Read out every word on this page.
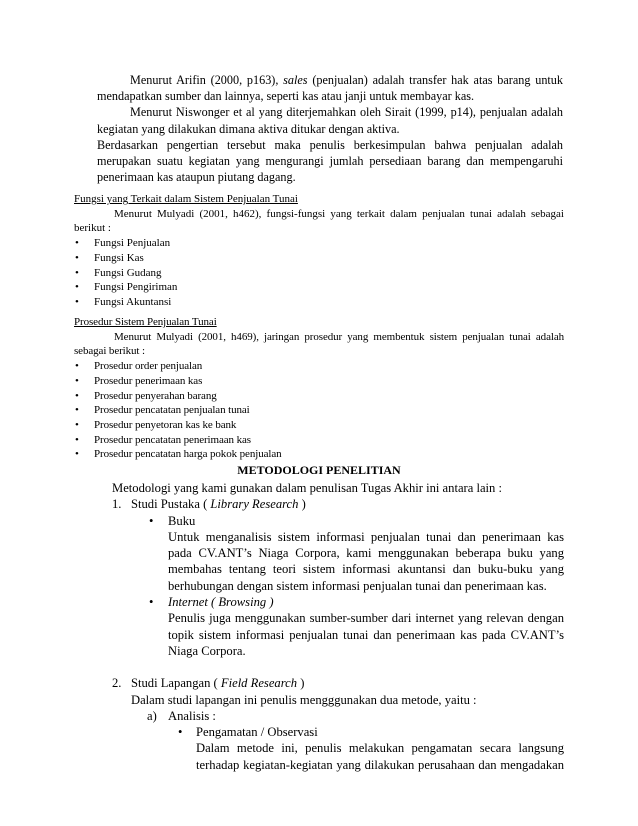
Menurut Arifin (2000, p163), sales (penjualan) adalah transfer hak atas barang untuk mendapatkan sumber dan lainnya, seperti kas atau janji untuk membayar kas.

Menurut Niswonger et al yang diterjemahkan oleh Sirait (1999, p14), penjualan adalah kegiatan yang dilakukan dimana aktiva ditukar dengan aktiva.

Berdasarkan pengertian tersebut maka penulis berkesimpulan bahwa penjualan adalah merupakan suatu kegiatan yang mengurangi jumlah persediaan barang dan mempengaruhi penerimaan kas ataupun piutang dagang.

Fungsi yang Terkait dalam Sistem Penjualan Tunai

Menurut Mulyadi (2001, h462), fungsi-fungsi yang terkait dalam penjualan tunai adalah sebagai berikut :

• Fungsi Penjualan
• Fungsi Kas
• Fungsi Gudang
• Fungsi Pengiriman
• Fungsi Akuntansi

Prosedur Sistem Penjualan Tunai

Menurut Mulyadi (2001, h469), jaringan prosedur yang membentuk sistem penjualan tunai adalah sebagai berikut :

• Prosedur order penjualan
• Prosedur penerimaan kas
• Prosedur penyerahan barang
• Prosedur pencatatan penjualan tunai
• Prosedur penyetoran kas ke bank
• Prosedur pencatatan penerimaan kas
• Prosedur pencatatan harga pokok penjualan
METODOLOGI PENELITIAN

Metodologi yang kami gunakan dalam penulisan Tugas Akhir ini antara lain :

1. Studi Pustaka ( Library Research )
• Buku

Untuk menganalisis sistem informasi penjualan tunai dan penerimaan kas pada CV.ANT’s Niaga Corpora, kami menggunakan beberapa buku yang membahas tentang teori sistem informasi akuntansi dan buku-buku yang berhubungan dengan sistem informasi penjualan tunai dan penerimaan kas.

• Internet ( Browsing )

Penulis juga menggunakan sumber-sumber dari internet yang relevan dengan topik sistem informasi penjualan tunai dan penerimaan kas pada CV.ANT’s Niaga Corpora.

2. Studi Lapangan ( Field Research )

Dalam studi lapangan ini penulis mengggunakan dua metode, yaitu :

a) Analisis :
• Pengamatan / Observasi

Dalam metode ini, penulis melakukan pengamatan secara langsung terhadap kegiatan-kegiatan yang dilakukan perusahaan dan mengadakan
